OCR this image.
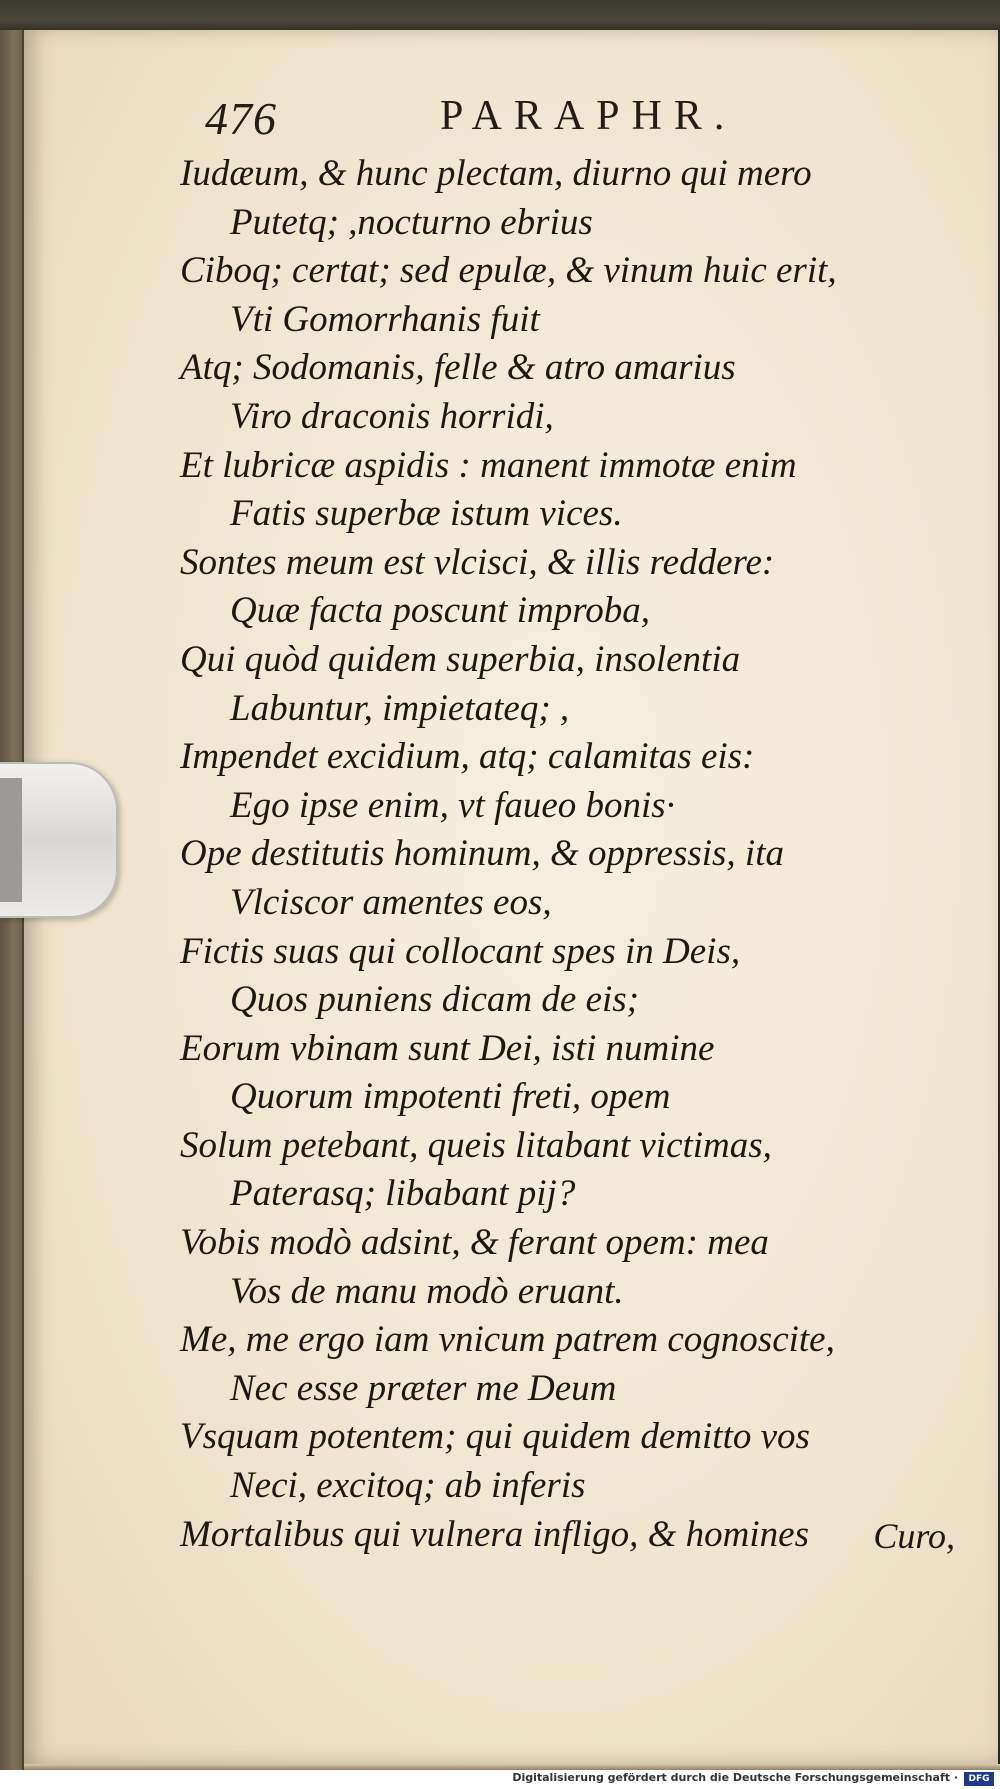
476	PARAPHR.
Iudæum, & hunc plectam, diurno qui mero
Putetq; ,nocturno ebrius
Ciboq; certat; sed epulæ, & vinum huic erit,
Vti Gomorrhanis fuit
Atq; Sodomanis, felle & atro amarius
Viro draconis horridi,
Et lubricæ aspidis : manent immotæ enim
Fatis superbæ istum vices.
Sontes meum est vlcisci, & illis reddere:
Quæ facta poscunt improba,
Qui quòd quidem superbia, insolentia
Labuntur, impietateq; ,
Impendet excidium, atq; calamitas eis:
Ego ipse enim, vt faueo bonis·
Ope destitutis hominum, & oppressis, ita
Vlciscor amentes eos,
Fictis suas qui collocant spes in Deis,
Quos puniens dicam de eis;
Eorum vbinam sunt Dei, isti numine
Quorum impotenti freti, opem
Solum petebant, queis litabant victimas,
Paterasq; libabant pij?
Vobis modò adsint, & ferant opem: mea
Vos de manu modò eruant.
Me, me ergo iam vnicum patrem cognoscite,
Nec esse præter me Deum
Vsquam potentem; qui quidem demitto vos
Neci, excitoq; ab inferis
Mortalibus qui vulnera infligo, & homines	Curo,
Digitalisierung gefördert durch die Deutsche Forschungsgemeinschaft ·	DFG
